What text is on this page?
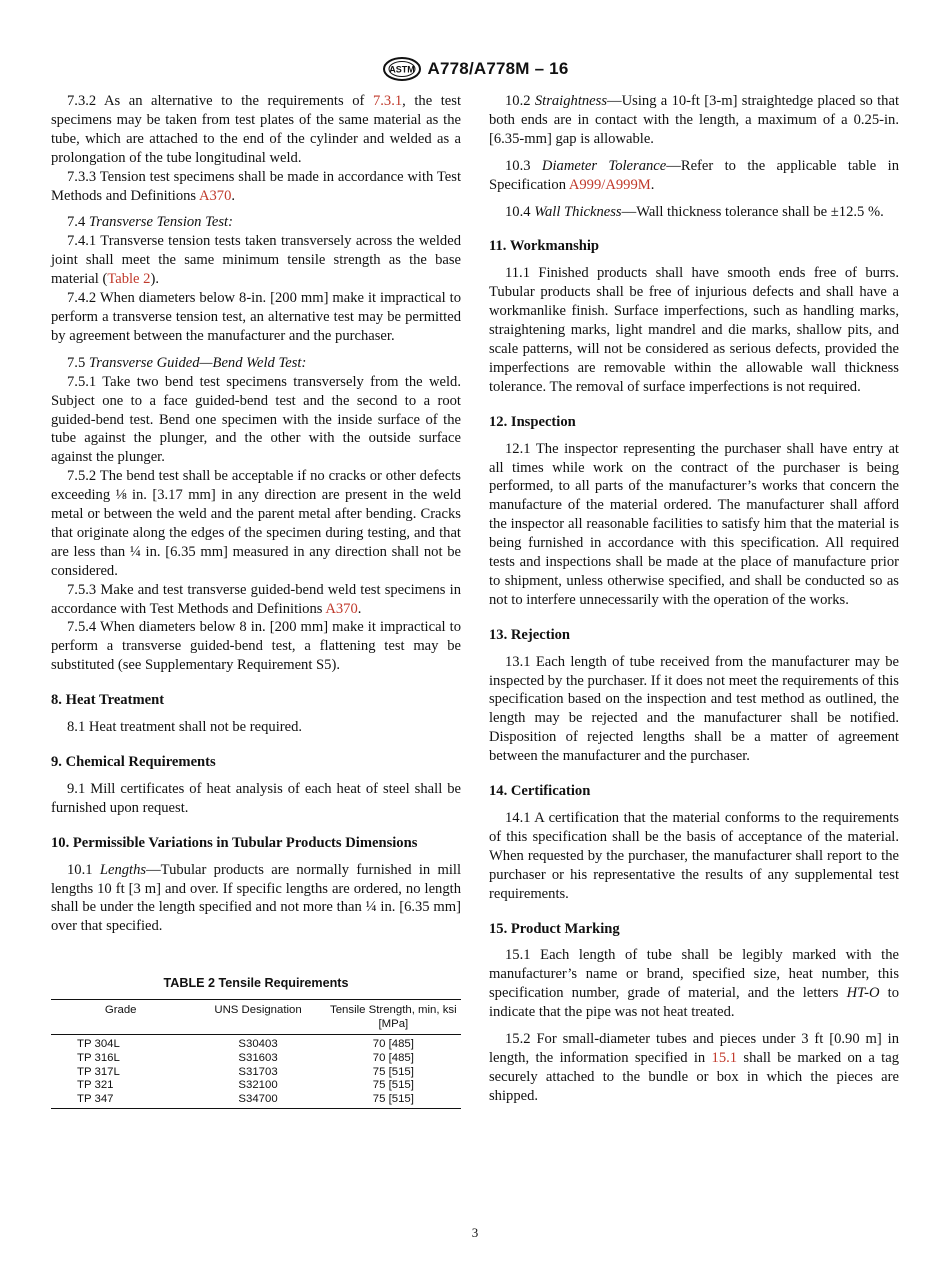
ASTM A778/A778M – 16

7.3.2 As an alternative to the requirements of 7.3.1, the test specimens may be taken from test plates of the same material as the tube, which are attached to the end of the cylinder and welded as a prolongation of the tube longitudinal weld.

7.3.3 Tension test specimens shall be made in accordance with Test Methods and Definitions A370.

7.4 Transverse Tension Test:

7.4.1 Transverse tension tests taken transversely across the welded joint shall meet the same minimum tensile strength as the base material (Table 2).

7.4.2 When diameters below 8-in. [200 mm] make it impractical to perform a transverse tension test, an alternative test may be permitted by agreement between the manufacturer and the purchaser.

7.5 Transverse Guided—Bend Weld Test:

7.5.1 Take two bend test specimens transversely from the weld. Subject one to a face guided-bend test and the second to a root guided-bend test. Bend one specimen with the inside surface of the tube against the plunger, and the other with the outside surface against the plunger.

7.5.2 The bend test shall be acceptable if no cracks or other defects exceeding ⅛ in. [3.17 mm] in any direction are present in the weld metal or between the weld and the parent metal after bending. Cracks that originate along the edges of the specimen during testing, and that are less than ¼ in. [6.35 mm] measured in any direction shall not be considered.

7.5.3 Make and test transverse guided-bend weld test specimens in accordance with Test Methods and Definitions A370.

7.5.4 When diameters below 8 in. [200 mm] make it impractical to perform a transverse guided-bend test, a flattening test may be substituted (see Supplementary Requirement S5).

8. Heat Treatment

8.1 Heat treatment shall not be required.

9. Chemical Requirements

9.1 Mill certificates of heat analysis of each heat of steel shall be furnished upon request.

10. Permissible Variations in Tubular Products Dimensions

10.1 Lengths—Tubular products are normally furnished in mill lengths 10 ft [3 m] and over. If specific lengths are ordered, no length shall be under the length specified and not more than ¼ in. [6.35 mm] over that specified.

TABLE 2 Tensile Requirements
Grade	UNS Designation	Tensile Strength, min, ksi [MPa]
TP 304L	S30403	70 [485]
TP 316L	S31603	70 [485]
TP 317L	S31703	75 [515]
TP 321	S32100	75 [515]
TP 347	S34700	75 [515]

10.2 Straightness—Using a 10-ft [3-m] straightedge placed so that both ends are in contact with the length, a maximum of a 0.25-in. [6.35-mm] gap is allowable.

10.3 Diameter Tolerance—Refer to the applicable table in Specification A999/A999M.

10.4 Wall Thickness—Wall thickness tolerance shall be ±12.5 %.

11. Workmanship

11.1 Finished products shall have smooth ends free of burrs. Tubular products shall be free of injurious defects and shall have a workmanlike finish. Surface imperfections, such as handling marks, straightening marks, light mandrel and die marks, shallow pits, and scale patterns, will not be considered as serious defects, provided the imperfections are removable within the allowable wall thickness tolerance. The removal of surface imperfections is not required.

12. Inspection

12.1 The inspector representing the purchaser shall have entry at all times while work on the contract of the purchaser is being performed, to all parts of the manufacturer’s works that concern the manufacture of the material ordered. The manufacturer shall afford the inspector all reasonable facilities to satisfy him that the material is being furnished in accordance with this specification. All required tests and inspections shall be made at the place of manufacture prior to shipment, unless otherwise specified, and shall be conducted so as not to interfere unnecessarily with the operation of the works.

13. Rejection

13.1 Each length of tube received from the manufacturer may be inspected by the purchaser. If it does not meet the requirements of this specification based on the inspection and test method as outlined, the length may be rejected and the manufacturer shall be notified. Disposition of rejected lengths shall be a matter of agreement between the manufacturer and the purchaser.

14. Certification

14.1 A certification that the material conforms to the requirements of this specification shall be the basis of acceptance of the material. When requested by the purchaser, the manufacturer shall report to the purchaser or his representative the results of any supplemental test requirements.

15. Product Marking

15.1 Each length of tube shall be legibly marked with the manufacturer’s name or brand, specified size, heat number, this specification number, grade of material, and the letters HT-O to indicate that the pipe was not heat treated.

15.2 For small-diameter tubes and pieces under 3 ft [0.90 m] in length, the information specified in 15.1 shall be marked on a tag securely attached to the bundle or box in which the pieces are shipped.

3
